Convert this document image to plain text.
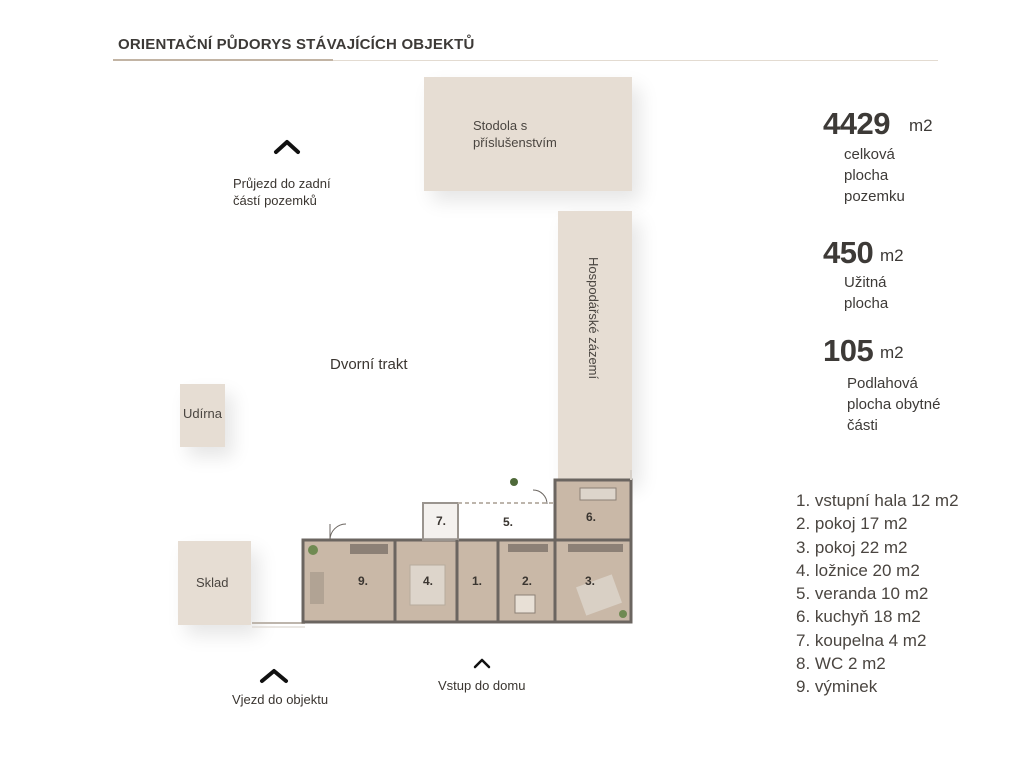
ORIENTAČNÍ PŮDORYS STÁVAJÍCÍCH OBJEKTŮ
Stodola s příslušenstvím
Hospodářské zázemí
Udírna
Sklad
Průjezd do zadní částí pozemků
Dvorní trakt
Vjezd do objektu
Vstup do domu
9.	4.	1.	2.	3.
5.	6.
7.
4429 m2
celková plocha pozemku
450 m2
Užitná plocha
105 m2
Podlahová plocha obytné části
1. vstupní hala 12 m2
2. pokoj 17 m2
3. pokoj 22 m2
4. ložnice 20 m2
5. veranda 10 m2
6. kuchyň 18 m2
7. koupelna 4 m2
8. WC 2 m2
9. výminek
